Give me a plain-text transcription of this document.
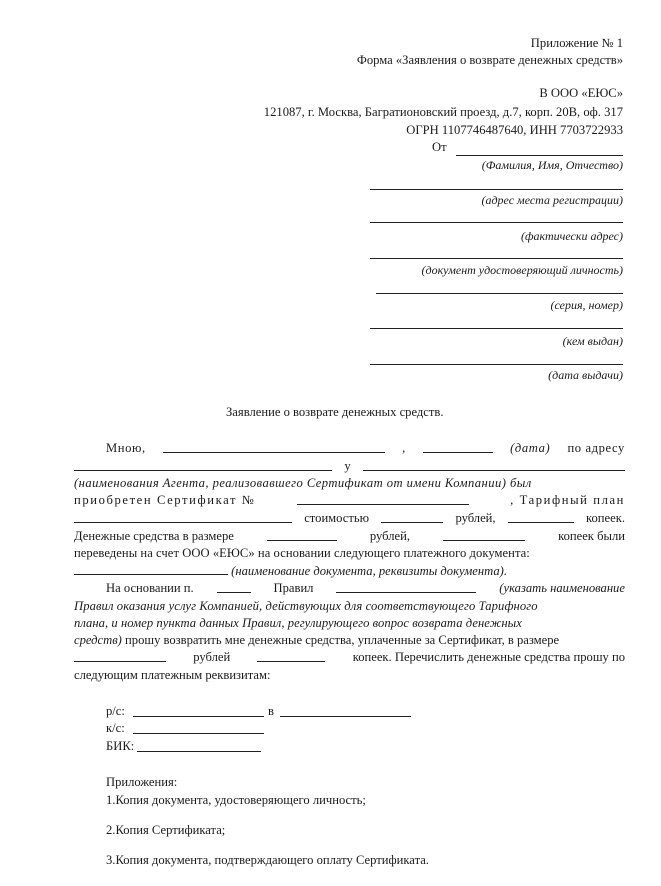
Приложение № 1
Форма «Заявления о возврате денежных средств»
В ООО «ЕЮС»
121087, г. Москва, Багратионовский проезд, д.7, корп. 20В, оф. 317
ОГРН 1107746487640, ИНН 7703722933
От
(Фамилия, Имя, Отчество)
(адрес места регистрации)
(фактически адрес)
(документ удостоверяющий личность)
(серия, номер)
(кем выдан)
(дата выдачи)
Заявление о возврате денежных средств.
Мною,	,	(дата) по адресу
у
(наименования Агента, реализовавшего Сертификат от имени Компании) был
приобретен Сертификат №	, Тарифный план
стоимостью	рублей,	копеек.
Денежные средства в размере	рублей,	копеек были
переведены на счет ООО «ЕЮС» на основании следующего платежного документа:
(наименование документа, реквизиты документа).
На основании п.	Правил	(указать наименование
Правил оказания услуг Компанией, действующих для соответствующего Тарифного
плана, и номер пункта данных Правил, регулирующего вопрос возврата денежных
средств) прошу возвратить мне денежные средства, уплаченные за Сертификат, в размере
рублей	копеек. Перечислить денежные средства прошу по
следующим платежным реквизитам:
р/с:	в
к/с:
БИК:
Приложения:
1.Копия документа, удостоверяющего личность;
2.Копия Сертификата;
3.Копия документа, подтверждающего оплату Сертификата.
